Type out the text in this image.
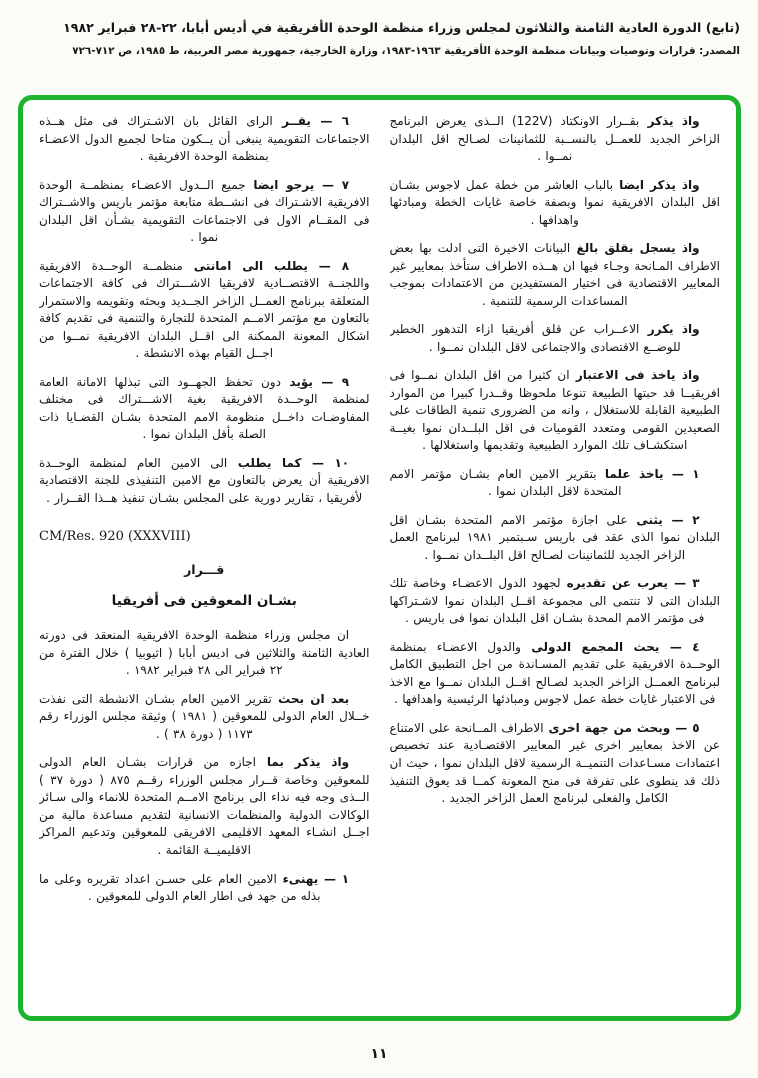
(تابع) الدورة العادية الثامنة والثلاثون لمجلس وزراء منظمة الوحدة الأفريقية في أديس أبابا، ٢٢-٢٨ فبراير ١٩٨٢
المصدر: قرارات وتوصيات وبيانات منظمة الوحدة الأفريقية ١٩٦٣-١٩٨٣، وزارة الخارجية، جمهورية مصر العربية، ط ١٩٨٥، ص ٧١٢-٧٢٦

واذ يذكر بقــرار الاونكتاد (122V) الــذى يعرض البرنامج الزاخر الجديد للعمــل بالنســبة للثمانينات لصـالح اقل البلدان نمــوا .

واذ يذكر ايضا بالباب العاشر من خطة عمل لاجوس بشـان اقل البلدان الافريقية نموا وبصفة خاصة غايات الخطة ومبادئها واهدافها .

واذ يسجل بقلق بالغ البيانات الاخيرة التى ادلت بها بعض الاطراف المـانحة وجـاء فيها ان هــذه الاطراف ستأخذ بمعايير غير المعايير الاقتصادية فى اختيار المستفيدين من الاعتمادات بموجب المساعدات الرسمية للتنمية .

واذ يكرر الاعــراب عن قلق أفريقيا ازاء التدهور الخطير للوضــع الاقتصادى والاجتماعى لاقل البلدان نمــوا .

واذ ياخذ فى الاعتبار ان كثيرا من اقل البلدان نمــوا فى افريقيــا قد حبتها الطبيعة تنوعا ملحوظا وقــدرا كبيرا من الموارد الطبيعية القابلة للاستغلال ، وانه من الضرورى تنمية الطاقات على الصعيدين القومى ومتعدد القوميات فى اقل البلــدان نموا بغيــة استكشـاف تلك الموارد الطبيعية وتقديمها واستغلالها .

١ — ياخذ علما بتقرير الامين العام بشـان مؤتمر الامم المتحدة لاقل البلدان نموا .

٢ — يثنى على اجازة مؤتمر الامم المتحدة بشـان اقل البلدان نموا الذى عقد فى باريس سـبتمبر ١٩٨١ لبرنامج العمل الزاخر الجديد للثمانينات لصـالح اقل البلــدان نمــوا .

٣ — يعرب عن تقديره لجهود الدول الاعضـاء وخاصة تلك البلدان التى لا تنتمى الى مجموعة اقــل البلدان نموا لاشـتراكها فى مؤتمر الامم المحدة بشـان اقل البلدان نموا فى باريس .

٤ — يحث المجمع الدولى والدول الاعضـاء بمنظمة الوحــدة الافريقية على تقديم المسـاندة من اجل التطبيق الكامل لبرنامج العمــل الزاخر الجديد لصـالح اقــل البلدان نمــوا مع الاخذ فى الاعتبار غايات خطة عمل لاجوس ومبادئها الرئيسية واهدافها .

٥ — وبحث من جهة اخرى الاطراف المــانحة على الامتناع عن الاخذ بمعايير اخرى غير المعايير الاقتصـادية عند تخصيص اعتمادات مسـاعدات التنميــة الرسمية لاقل البلدان نموا ، حيث ان ذلك قد ينطوى على تفرقة فى منح المعونة كمــا قد يعوق التنفيذ الكامل والفعلى لبرنامج العمل الزاخر الجديد .

٦ — يقــر الراى القائل بان الاشـتراك فى مثل هــذه الاجتماعات التقويمية ينبغى أن يــكون متاحا لجميع الدول الاعضـاء بمنظمة الوحدة الافريقية .

٧ — يرجو ايضا جميع الــدول الاعضـاء بمنظمــة الوحدة الافريقية الاشـتراك فى انشــطة متابعة مؤتمر باريس والاشــتراك فى المقــام الاول فى الاجتماعات التقويمية بشـأن اقل البلدان نموا .

٨ — يطلب الى امانتى منظمــة الوحــدة الافريقية واللجنــة الاقتصــادية لافريقيا الاشـــتراك فى كافة الاجتماعات المتعلقة ببرنامج العمــل الزاخر الجــديد وبحثه وتقويمه والاستمرار بالتعاون مع مؤتمر الامــم المتحدة للتجارة والتنمية فى تقديم كافة اشكال المعونة الممكنة الى اقــل البلدان الافريقية نمــوا من اجــل القيام بهذه الانشطة .

٩ — يؤيد دون تحفظ الجهــود التى تبذلها الامانة العامة لمنظمة الوحــدة الافريقية بغية الاشـــتراك فى مختلف المفاوضـات داخــل منظومة الامم المتحدة بشـان القضـايا ذات الصلة بأقل البلدان نموا .

١٠ — كما يطلب الى الامين العام لمنظمة الوحــدة الافريقية أن يعرض بالتعاون مع الامين التنفيذى للجنة الاقتصادية لأفريقيا ، تقارير دورية على المجلس بشـان تنفيذ هــذا القــرار .

CM/Res. 920 (XXXVIII)

قـــرار

بشـان المعوقين فى أفريقيا

ان مجلس وزراء منظمة الوحدة الافريقية المنعقد فى دورته العادية الثامنة والثلاثين فى اديس أبابا ( اثيوبيا ) خلال الفترة من ٢٢ فبراير الى ٢٨ فبراير ١٩٨٢ .

بعد ان بحث تقرير الامين العام بشـان الانشطة التى نفذت خــلال العام الدولى للمعوقين ( ١٩٨١ ) وثيقة مجلس الوزراء رقم ١١٧٣ ( دورة ٣٨ ) .

واذ يذكر بما اجازه من قرارات بشـان العام الدولى للمعوقين وخاصة قــرار مجلس الوزراء رقــم ٨٧٥ ( دورة ٣٧ ) الــذى وجه فيه نداء الى برنامج الامــم المتحدة للانماء والى سـائر الوكالات الدولية والمنظمات الانسانية لتقديم مساعدة مالية من اجــل انشـاء المعهد الاقليمى الافريقى للمعوقين وتدعيم المراكز الاقليميــة القائمة .

١ — يهنىء الامين العام على حسـن اعداد تقريره وعلى ما بذله من جهد فى اطار العام الدولى للمعوقين .

١١
